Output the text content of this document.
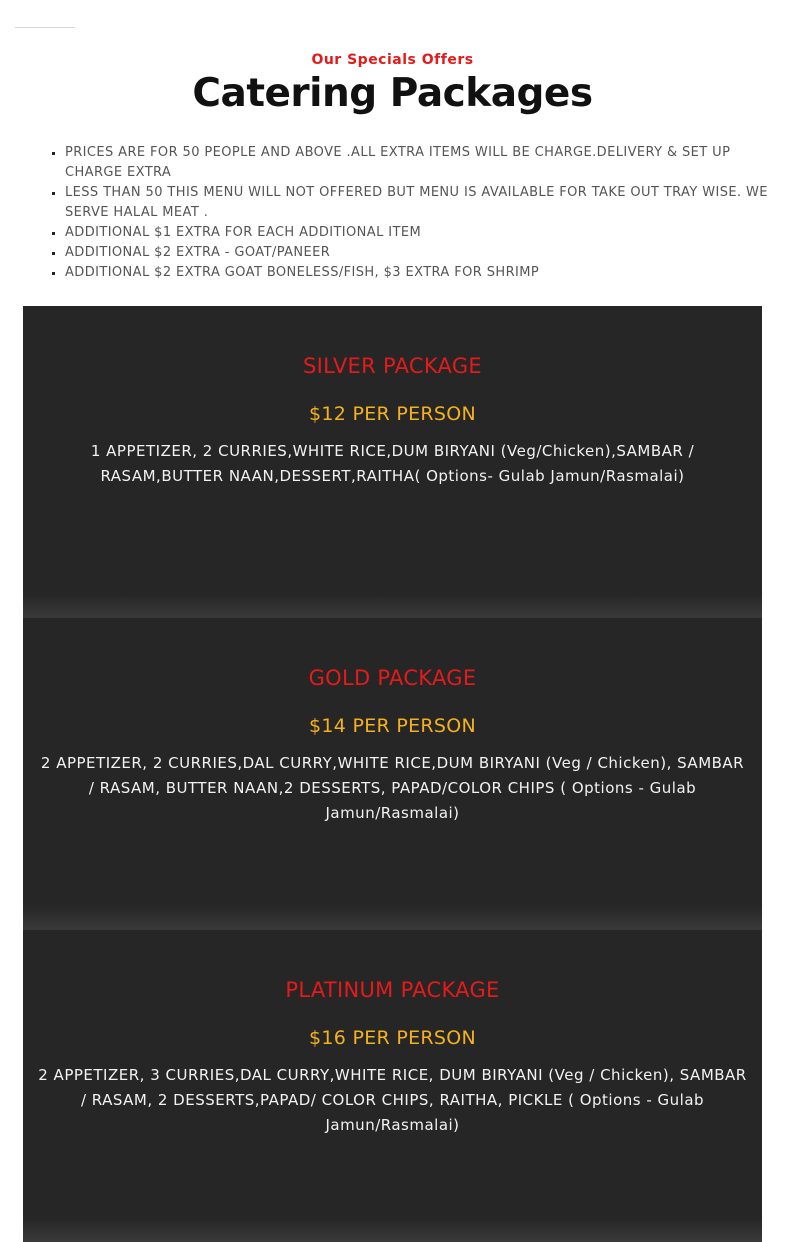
Our Specials Offers
Catering Packages
▪ PRICES ARE FOR 50 PEOPLE AND ABOVE .ALL EXTRA ITEMS WILL BE CHARGE.DELIVERY & SET UP CHARGE EXTRA
▪ LESS THAN 50 THIS MENU WILL NOT OFFERED BUT MENU IS AVAILABLE FOR TAKE OUT TRAY WISE. WE SERVE HALAL MEAT .
▪ ADDITIONAL $1 EXTRA FOR EACH ADDITIONAL ITEM
▪ ADDITIONAL $2 EXTRA - GOAT/PANEER
▪ ADDITIONAL $2 EXTRA GOAT BONELESS/FISH, $3 EXTRA FOR SHRIMP
SILVER PACKAGE
$12 PER PERSON
1 APPETIZER, 2 CURRIES,WHITE RICE,DUM BIRYANI (Veg/Chicken),SAMBAR / RASAM,BUTTER NAAN,DESSERT,RAITHA( Options- Gulab Jamun/Rasmalai)
GOLD PACKAGE
$14 PER PERSON
2 APPETIZER, 2 CURRIES,DAL CURRY,WHITE RICE,DUM BIRYANI (Veg / Chicken), SAMBAR / RASAM, BUTTER NAAN,2 DESSERTS, PAPAD/COLOR CHIPS ( Options - Gulab Jamun/Rasmalai)
PLATINUM PACKAGE
$16 PER PERSON
2 APPETIZER, 3 CURRIES,DAL CURRY,WHITE RICE, DUM BIRYANI (Veg / Chicken), SAMBAR / RASAM, 2 DESSERTS,PAPAD/ COLOR CHIPS, RAITHA, PICKLE ( Options - Gulab Jamun/Rasmalai)
